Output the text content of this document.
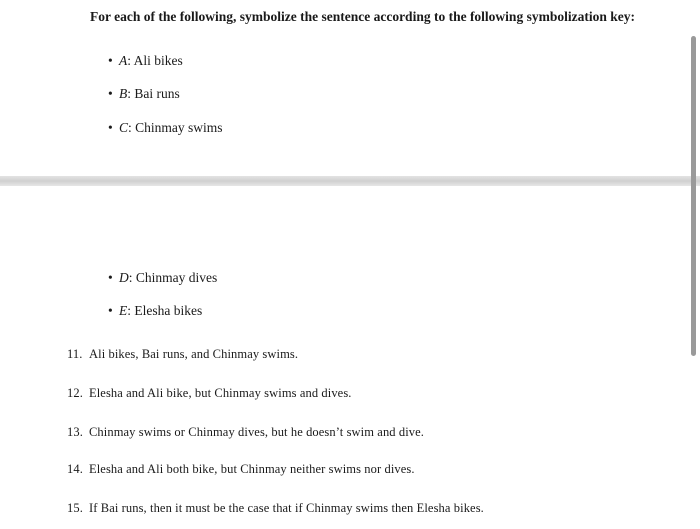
For each of the following, symbolize the sentence according to the following symbolization key:
• A: Ali bikes
• B: Bai runs
• C: Chinmay swims
• D: Chinmay dives
• E: Elesha bikes
11. Ali bikes, Bai runs, and Chinmay swims.
12. Elesha and Ali bike, but Chinmay swims and dives.
13. Chinmay swims or Chinmay dives, but he doesn’t swim and dive.
14. Elesha and Ali both bike, but Chinmay neither swims nor dives.
15. If Bai runs, then it must be the case that if Chinmay swims then Elesha bikes.
